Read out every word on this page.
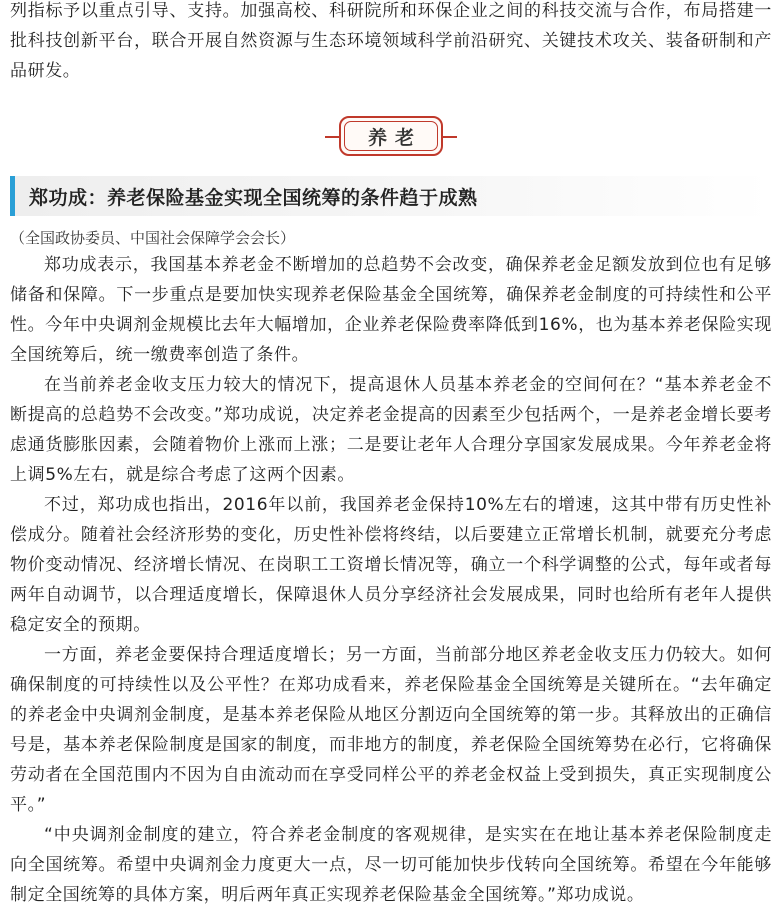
列指标予以重点引导、支持。加强高校、科研院所和环保企业之间的科技交流与合作，布局搭建一批科技创新平台，联合开展自然资源与生态环境领域科学前沿研究、关键技术攻关、装备研制和产品研发。

养老
郑功成：养老保险基金实现全国统筹的条件趋于成熟

（全国政协委员、中国社会保障学会会长）

郑功成表示，我国基本养老金不断增加的总趋势不会改变，确保养老金足额发放到位也有足够储备和保障。下一步重点是要加快实现养老保险基金全国统筹，确保养老金制度的可持续性和公平性。今年中央调剂金规模比去年大幅增加，企业养老保险费率降低到16%，也为基本养老保险实现全国统筹后，统一缴费率创造了条件。

在当前养老金收支压力较大的情况下，提高退休人员基本养老金的空间何在？“基本养老金不断提高的总趋势不会改变。”郑功成说，决定养老金提高的因素至少包括两个，一是养老金增长要考虑通货膨胀因素，会随着物价上涨而上涨；二是要让老年人合理分享国家发展成果。今年养老金将上调5%左右，就是综合考虑了这两个因素。

不过，郑功成也指出，2016年以前，我国养老金保持10%左右的增速，这其中带有历史性补偿成分。随着社会经济形势的变化，历史性补偿将终结，以后要建立正常增长机制，就要充分考虑物价变动情况、经济增长情况、在岗职工工资增长情况等，确立一个科学调整的公式，每年或者每两年自动调节，以合理适度增长，保障退休人员分享经济社会发展成果，同时也给所有老年人提供稳定安全的预期。

一方面，养老金要保持合理适度增长；另一方面，当前部分地区养老金收支压力仍较大。如何确保制度的可持续性以及公平性？在郑功成看来，养老保险基金全国统筹是关键所在。“去年确定的养老金中央调剂金制度，是基本养老保险从地区分割迈向全国统筹的第一步。其释放出的正确信号是，基本养老保险制度是国家的制度，而非地方的制度，养老保险全国统筹势在必行，它将确保劳动者在全国范围内不因为自由流动而在享受同样公平的养老金权益上受到损失，真正实现制度公平。”

“中央调剂金制度的建立，符合养老金制度的客观规律，是实实在在地让基本养老保险制度走向全国统筹。希望中央调剂金力度更大一点，尽一切可能加快步伐转向全国统筹。希望在今年能够制定全国统筹的具体方案，明后两年真正实现养老保险基金全国统筹。”郑功成说。
